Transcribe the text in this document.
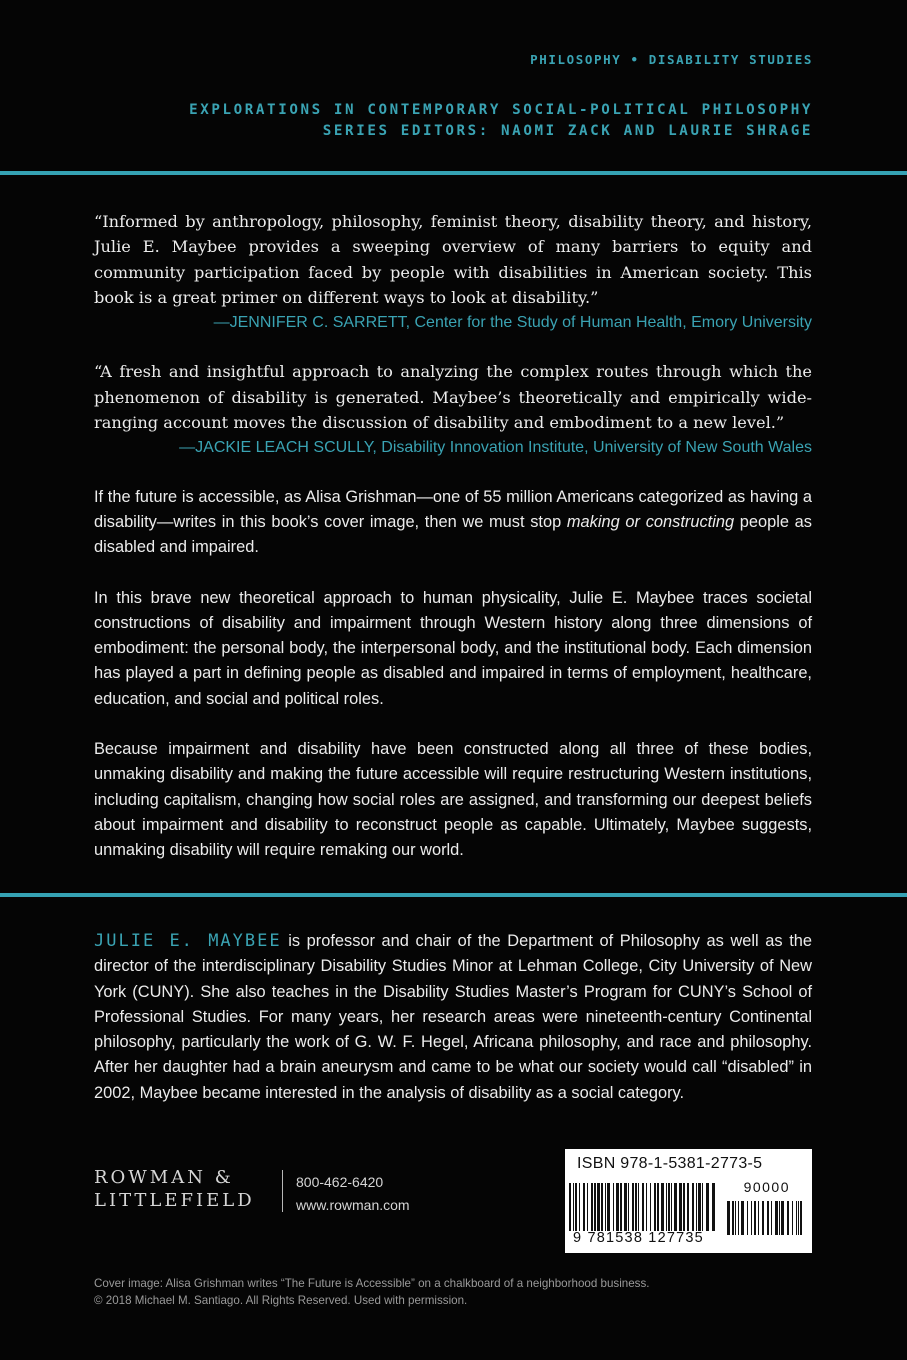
PHILOSOPHY • DISABILITY STUDIES
EXPLORATIONS IN CONTEMPORARY SOCIAL-POLITICAL PHILOSOPHY
SERIES EDITORS: NAOMI ZACK AND LAURIE SHRAGE
“Informed by anthropology, philosophy, feminist theory, disability theory, and history, Julie E. Maybee provides a sweeping overview of many barriers to equity and community participation faced by people with disabilities in American society. This book is a great primer on different ways to look at disability.”
—JENNIFER C. SARRETT, Center for the Study of Human Health, Emory University
“A fresh and insightful approach to analyzing the complex routes through which the phenomenon of disability is generated. Maybee’s theoretically and empirically wide-ranging account moves the discussion of disability and embodiment to a new level.”
—JACKIE LEACH SCULLY, Disability Innovation Institute, University of New South Wales

If the future is accessible, as Alisa Grishman—one of 55 million Americans categorized as having a disability—writes in this book’s cover image, then we must stop making or constructing people as disabled and impaired.

In this brave new theoretical approach to human physicality, Julie E. Maybee traces societal constructions of disability and impairment through Western history along three dimensions of embodiment: the personal body, the interpersonal body, and the institutional body. Each dimension has played a part in defining people as disabled and impaired in terms of employment, healthcare, education, and social and political roles.

Because impairment and disability have been constructed along all three of these bodies, unmaking disability and making the future accessible will require restructuring Western institutions, including capitalism, changing how social roles are assigned, and transforming our deepest beliefs about impairment and disability to reconstruct people as capable. Ultimately, Maybee suggests, unmaking disability will require remaking our world.

JULIE E. MAYBEE is professor and chair of the Department of Philosophy as well as the director of the interdisciplinary Disability Studies Minor at Lehman College, City University of New York (CUNY). She also teaches in the Disability Studies Master’s Program for CUNY’s School of Professional Studies. For many years, her research areas were nineteenth-century Continental philosophy, particularly the work of G. W. F. Hegel, Africana philosophy, and race and philosophy. After her daughter had a brain aneurysm and came to be what our society would call “disabled” in 2002, Maybee became interested in the analysis of disability as a social category.
ROWMAN &
LITTLEFIELD
800-462-6420
www.rowman.com
ISBN 978-1-5381-2773-5
90000
9 781538 127735
Cover image: Alisa Grishman writes “The Future is Accessible” on a chalkboard of a neighborhood business.
© 2018 Michael M. Santiago. All Rights Reserved. Used with permission.
